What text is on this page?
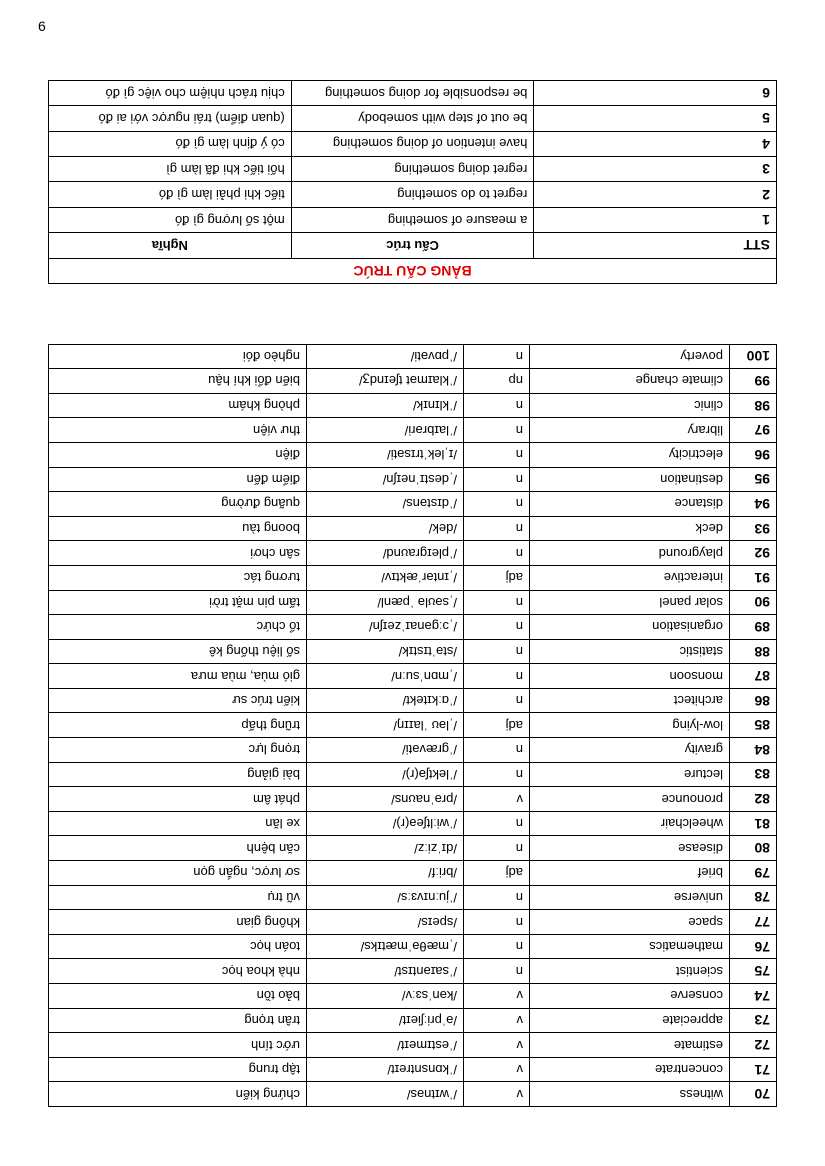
6
70	witness	v	/ˈwɪtnəs/	chứng kiến
71	concentrate	v	/ˈkɒnsntreɪt/	tập trung
72	estimate	v	/ˈestɪmeɪt/	ước tính
73	appreciate	v	/əˈpriːʃieɪt/	trân trọng
74	conserve	v	/kənˈsɜːv/	bảo tồn
75	scientist	n	/ˈsaɪəntɪst/	nhà khoa học
76	mathematics	n	/ˌmæθəˈmætɪks/	toán học
77	space	n	/speɪs/	không gian
78	universe	n	/ˈjuːnɪvɜːs/	vũ trụ
79	brief	adj	/briːf/	sơ lược, ngắn gọn
80	disease	n	/dɪˈziːz/	căn bệnh
81	wheelchair	n	/ˈwiːltʃeə(r)/	xe lăn
82	pronounce	v	/prəˈnaʊns/	phát âm
83	lecture	n	/ˈlektʃə(r)/	bài giảng
84	gravity	n	/ˈɡrævəti/	trọng lực
85	low-lying	adj	/ˌləʊ ˈlaɪɪŋ/	trũng thấp
86	architect	n	/ˈɑːkɪtekt/	kiến trúc sư
87	monsoon	n	/ˌmɒnˈsuːn/	gió mùa, mùa mưa
88	statistic	n	/stəˈtɪstɪk/	số liệu thống kê
89	organisation	n	/ˌɔːɡənaɪˈzeɪʃn/	tổ chức
90	solar panel	n	/ˌsəʊlə ˈpænl/	tấm pin mặt trời
91	interactive	adj	/ˌɪntərˈæktɪv/	tương tác
92	playground	n	/ˈpleɪɡraʊnd/	sân chơi
93	deck	n	/dek/	boong tàu
94	distance	n	/ˈdɪstəns/	quãng đường
95	destination	n	/ˌdestɪˈneɪʃn/	điểm đến
96	electricity	n	/ɪˌlekˈtrɪsəti/	điện
97	library	n	/ˈlaɪbrəri/	thư viện
98	clinic	n	/ˈklɪnɪk/	phòng khám
99	climate change	np	/ˈklaɪmət tʃeɪndʒ/	biến đổi khí hậu
100	poverty	n	/ˈpɒvəti/	nghèo đói
BẢNG CẤU TRÚC		
STT	Cấu trúc	Nghĩa
1	a measure of something	một số lượng gì đó
2	regret to do something	tiếc khi phải làm gì đó
3	regret doing something	hối tiếc khi đã làm gì
4	have intention of doing something	có ý định làm gì đó
5	be out of step with somebody	(quan điểm) trái ngược với ai đó
6	be responsible for doing something	chịu trách nhiệm cho việc gì đó
